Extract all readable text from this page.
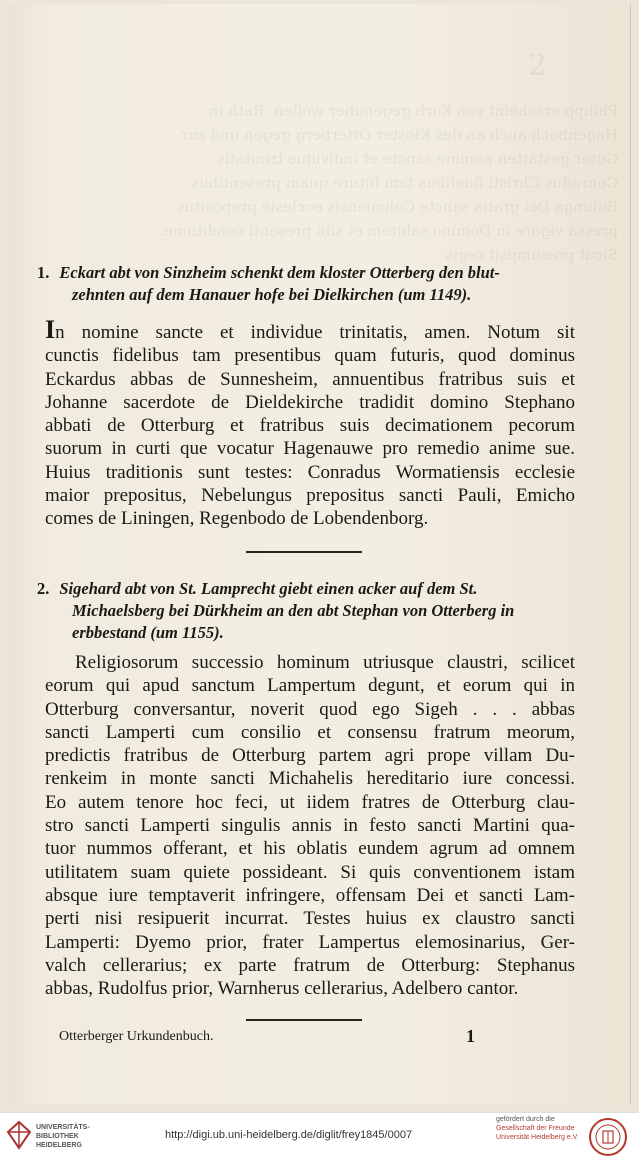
2
Philipp erscheint von Korb gegenuber wollen. Rath in Hagenbach auch an des Kloster Otterberg gegen und zur Guter gestatten nomine sancte et individue trinitatis Conradus Christi fidelibus tam future quam presentibus Bulunga Dei gratia sancte Coloniensis ecclesie prepositus pressa vigore in Domino salutem et sibi presenti conditione. Sicut presumpsit regis
1. Eckart abt von Sinzheim schenkt dem kloster Otterberg den blut-
zehnten auf dem Hanauer hofe bei Dielkirchen (um 1149).
In nomine sancte et individue trinitatis, amen. Notum sit
cunctis fidelibus tam presentibus quam futuris, quod dominus
Eckardus abbas de Sunnesheim, annuentibus fratribus suis et
Johanne sacerdote de Dieldekirche tradidit domino Stephano
abbati de Otterburg et fratribus suis decimationem pecorum
suorum in curti que vocatur Hagenauwe pro remedio anime sue.
Huius traditionis sunt testes: Conradus Wormatiensis ecclesie
maior prepositus, Nebelungus prepositus sancti Pauli, Emicho
comes de Liningen, Regenbodo de Lobendenborg.
2. Sigehard abt von St. Lamprecht giebt einen acker auf dem St.
Michaelsberg bei Dürkheim an den abt Stephan von Otterberg in
erbbestand (um 1155).
Religiosorum successio hominum utriusque claustri, scilicet
eorum qui apud sanctum Lampertum degunt, et eorum qui in
Otterburg conversantur, noverit quod ego Sigeh . . . abbas
sancti Lamperti cum consilio et consensu fratrum meorum,
predictis fratribus de Otterburg partem agri prope villam Du-
renkeim in monte sancti Michahelis hereditario iure concessi.
Eo autem tenore hoc feci, ut iidem fratres de Otterburg clau-
stro sancti Lamperti singulis annis in festo sancti Martini qua-
tuor nummos offerant, et his oblatis eundem agrum ad omnem
utilitatem suam quiete possideant. Si quis conventionem istam
absque iure temptaverit infringere, offensam Dei et sancti Lam-
perti nisi resipuerit incurrat. Testes huius ex claustro sancti
Lamperti: Dyemo prior, frater Lampertus elemosinarius, Ger-
valch cellerarius; ex parte fratrum de Otterburg: Stephanus
abbas, Rudolfus prior, Warnherus cellerarius, Adelbero cantor.
Otterberger Urkundenbuch.	1
UNIVERSITÄTS-
BIBLIOTHEK
HEIDELBERG
http://digi.ub.uni-heidelberg.de/diglit/frey1845/0007
gefördert durch die
Gesellschaft der Freunde
Universität Heidelberg e.V.
